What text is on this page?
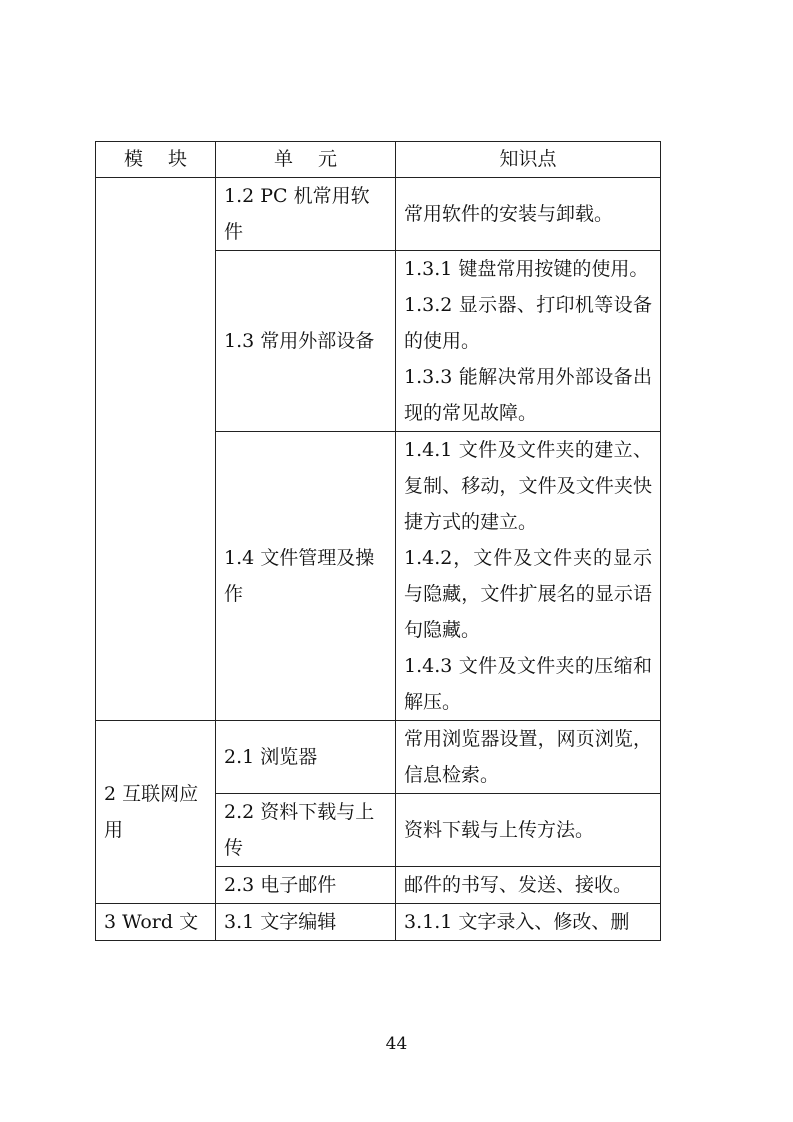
模 块	单 元	知识点
	1.2 PC 机常用软件	常用软件的安装与卸载。

	1.3 常用外部设备	1.3.1 键盘常用按键的使用。
1.3.2 显示器、打印机等设备的使用。
1.3.3 能解决常用外部设备出现的常见故障。

	1.4 文件管理及操作	1.4.1 文件及文件夹的建立、复制、移动，文件及文件夹快捷方式的建立。
1.4.2，文件及文件夹的显示与隐藏，文件扩展名的显示语句隐藏。
1.4.3 文件及文件夹的压缩和解压。

2 互联网应用	2.1 浏览器	常用浏览器设置，网页浏览，信息检索。

	2.2 资料下载与上传	资料下载与上传方法。

	2.3 电子邮件	邮件的书写、发送、接收。

3 Word 文	3.1 文字编辑	3.1.1 文字录入、修改、删
44
